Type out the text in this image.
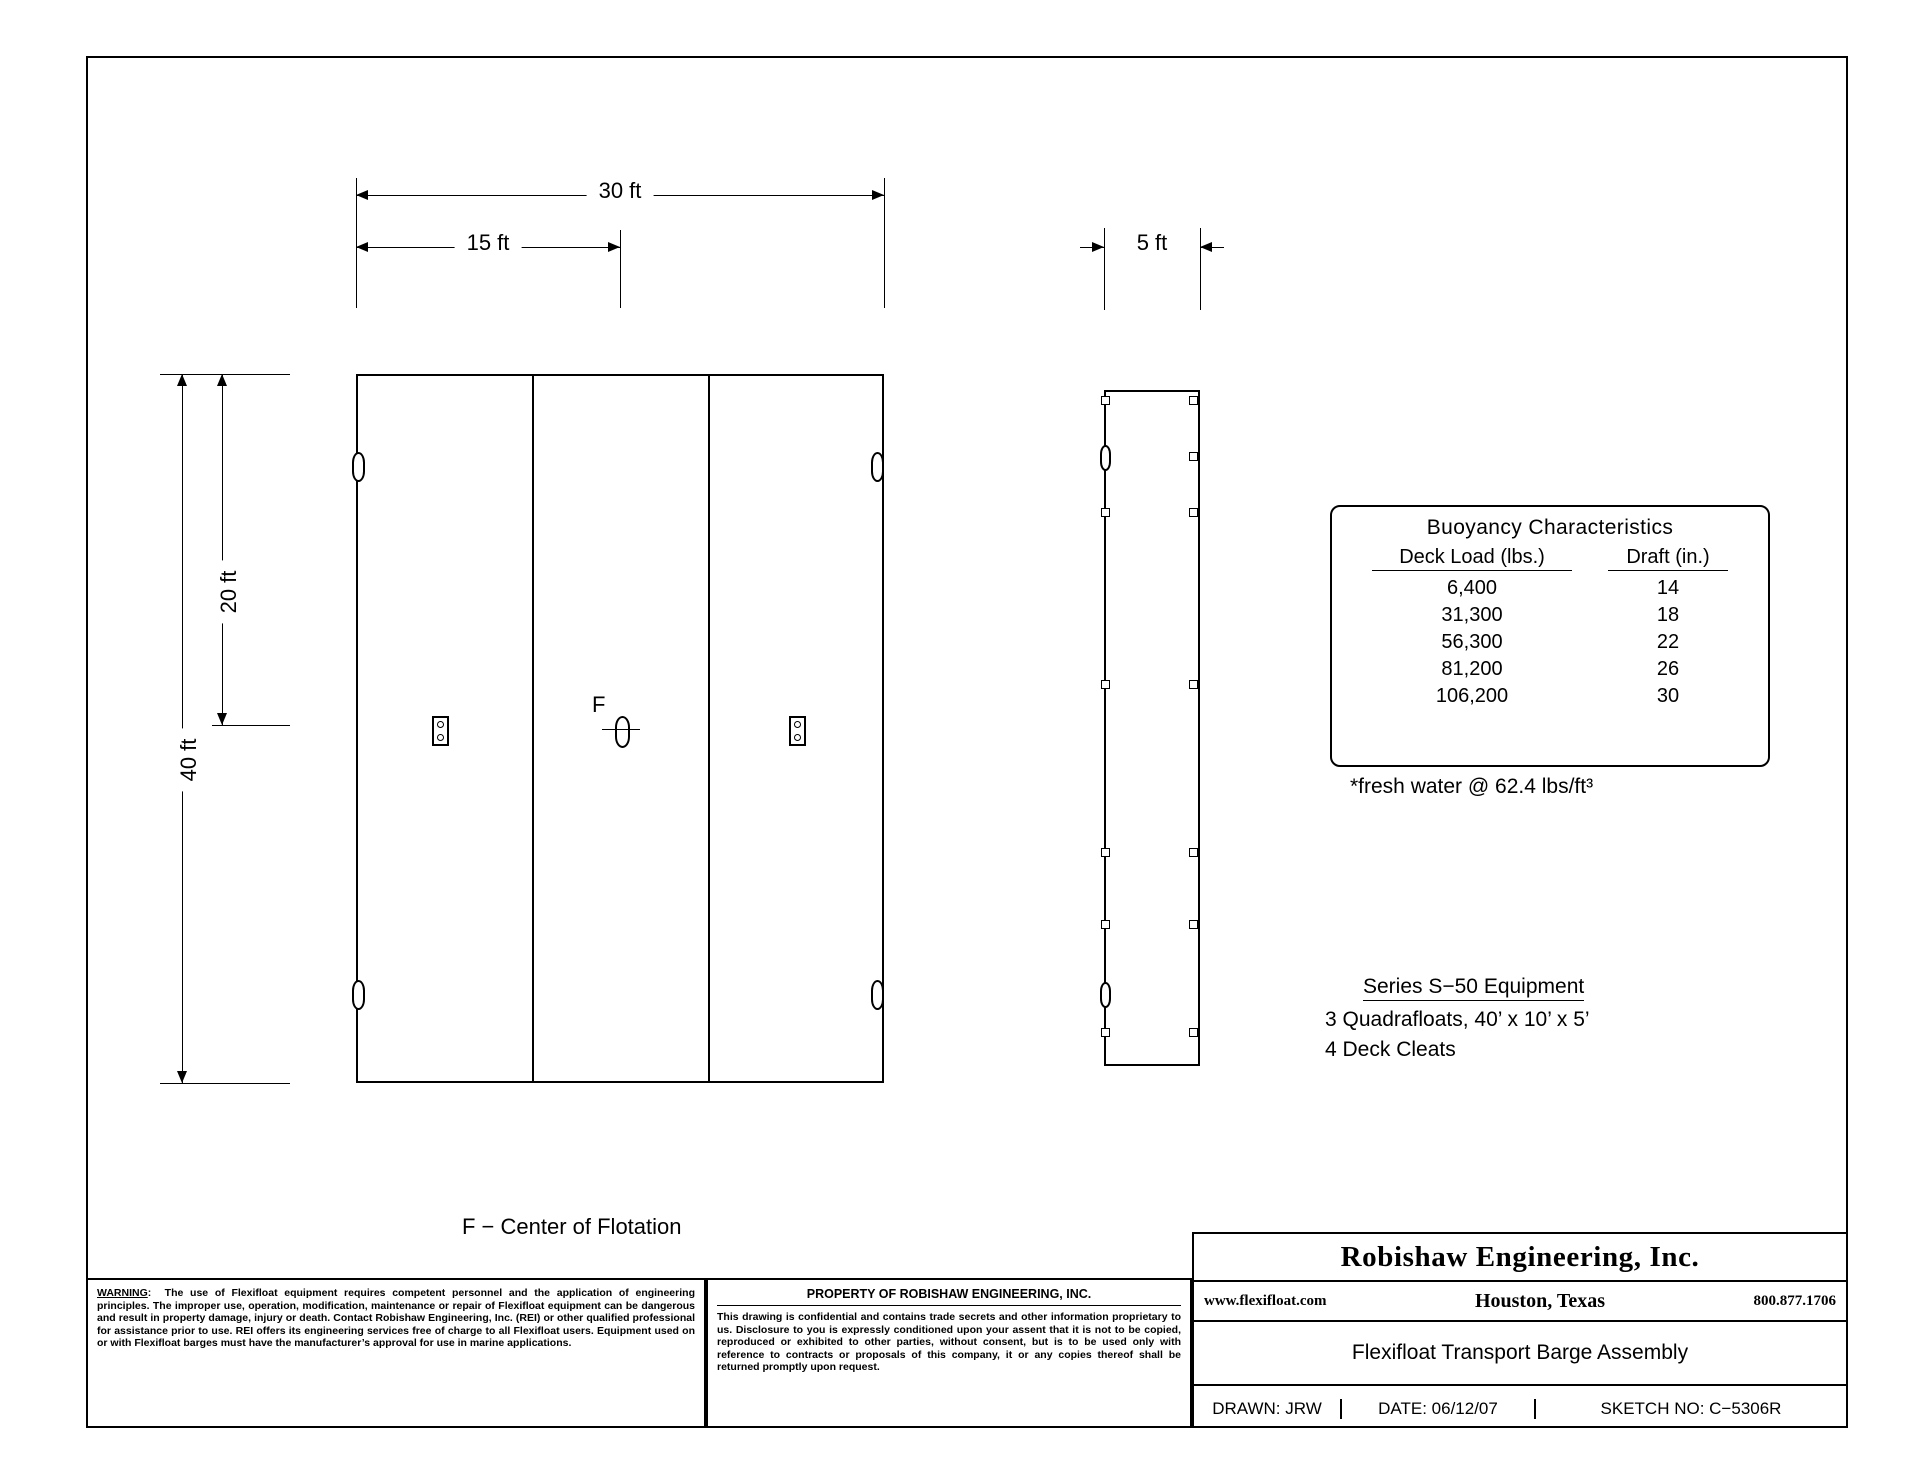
30 ft
15 ft	5 ft
40 ft
20 ft
F
Buoyancy Characteristics
Deck Load (lbs.)	Draft (in.)
6,400	14
31,300	18
56,300	22
81,200	26
106,200	30
*fresh water @ 62.4 lbs/ft³
Series S−50 Equipment
3 Quadrafloats, 40’ x 10’ x 5’
4 Deck Cleats
F − Center of Flotation
WARNING: The use of Flexifloat equipment requires competent personnel and the application of engineering principles. The improper use, operation, modification, maintenance or repair of Flexifloat equipment can be dangerous and result in property damage, injury or death. Contact Robishaw Engineering, Inc. (REI) or other qualified professional for assistance prior to use. REI offers its engineering services free of charge to all Flexifloat users. Equipment used on or with Flexifloat barges must have the manufacturer’s approval for use in marine applications.
PROPERTY OF ROBISHAW ENGINEERING, INC.
This drawing is confidential and contains trade secrets and other information proprietary to us. Disclosure to you is expressly conditioned upon your assent that it is not to be copied, reproduced or exhibited to other parties, without consent, but is to be used only with reference to contracts or proposals of this company, it or any copies thereof shall be returned promptly upon request.
Robishaw Engineering, Inc.
www.flexifloat.com	Houston, Texas	800.877.1706
Flexifloat Transport Barge Assembly
DRAWN: JRW	DATE: 06/12/07	SKETCH NO: C−5306R
